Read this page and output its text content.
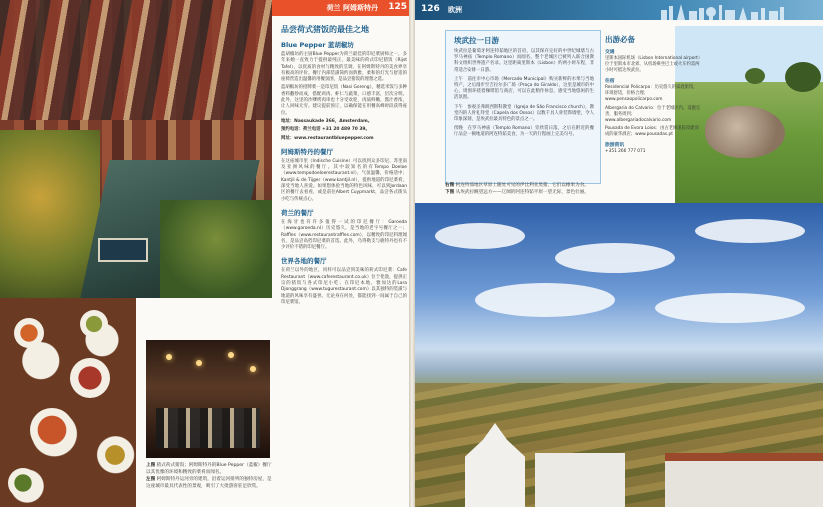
上图 猪式荷式猪饭；阿姆斯特丹的Blue Pepper（蓝椒）餐厅以其优雅的环境和精致的菜肴而闻名。
左图 阿姆斯特丹运河旁的建筑，沿着运河排列的独特房屋，是这座城市最具代表性的景观，吸引了大批游客驻足欣赏。
荷兰 阿姆斯特丹 125
品尝荷式猪饭的最佳之地
Blue Pepper 蓝胡椒坊

蓝胡椒坊的主厨Blue Pepper为荷兰最佳的印尼菜厨师之一，多年来她一直致力于提供最纯正、最美味的荷式印尼猪饭（Rijst Tafel），以优质的食材与精致的烹调，在阿姆斯特丹的美食界享有极高的评价。餐厅内部装潢简约而典雅，柔和的灯光与舒适的座椅营造出温馨的用餐氛围，是品尝猪饭的理想之选。

蓝胡椒坊的招牌菜一是印尼饭（Nasi Goreng），精选米饭与多种香料翻炒而成，搭配鸡肉、虾仁与蔬菜，口感丰富，层次分明。此外，这里的沙嗲烤肉串也十分受欢迎，肉质鲜嫩，酱汁香浓，让人回味无穷。建议提前预订，以确保能在用餐高峰时段获得座位。

地址：Nassaukade 366，Amsterdam。

预约电话：荷兰电话 +31 20 489 70 39。

网址：www.restaurantbluepepper.com

阿姆斯特丹的餐厅

在这座城市里（Indische Cuisine）可以找到众多印尼、苏里南及亚洲风味的餐厅。其中较知名的有Tempo Doeloe（www.tempodoeloerestaurant.nl），气氛温馨，价格适中；Kantjil & de Tijger（www.kantjil.nl），提供地道的印尼菜肴，深受当地人喜爱。如果想体验当地的特色风味，可以到Jordaan区的餐厅去看看，或是前往Albert Cuypmarkt，品尝各式街头小吃与传统点心。

荷兰的餐厅

在海牙也有许多值得一试的印尼餐厅：Garoeda（www.garoeda.nl）历史悠久，是当地的老字号餐厅之一；Raffles（www.restaurantraffles.com），以精致的印尼料理闻名，是品尝高档印尼菜的首选。此外，乌得勒支与鹿特丹也有不少评价不错的印尼餐厅。

世界各地的餐厅

在荷兰以外的地区，同样可以品尝到美味的荷式印尼菜：Cafe Restaurant（www.caferestaurant.co.uk）位于伦敦，提供正宗的猪饭与各式印尼小吃；在印尼本地，雅加达的Lara Djonggrang（www.tugurestaurant.com）以其独特的装潢与地道的风味享有盛誉。无论身在何处，都能找到一间属于自己的印尼菜馆。

126 欧洲
埃武拉一日游

埃武拉是葡萄牙阿连特茹地区的首府，以其保存完好的中世纪城墙与古罗马神庙（Templo Romano）而闻名，整个老城区已被列入联合国教科文组织世界遗产名录。这里距离里斯本（Lisbon）约两小时车程，非常适合安排一日游。

上午　前往市中心市场（Mercado Municipal）购买新鲜的水果与当地特产，之后漫步至吉拉尔多广场（Praça do Giraldo），这里是城市的中心，周围环绕着咖啡馆与商店，可以在此稍作休息，感受当地悠闲的生活氛围。

下午　参观圣弗朗西斯科教堂（Igreja de São Francisco church），教堂内的人骨礼拜堂（Capela dos Ossos）以数千具人骨装饰墙壁，令人印象深刻，是埃武拉最具特色的景点之一。

傍晚　在罗马神庙（Templo Romano）旁欣赏日落，之后在附近的餐厅品尝一顿地道的阿连特茹美食，为一天的行程画上完美句号。

出游必备
交通

里斯本国际机场（Lisbon International airport）位于里斯本市北郊，从机场乘坐巴士或火车约需两小时可抵达埃武拉。

住宿

Residencial Policarpo：历史悠久的家庭旅馆，环境舒适，价格合理；www.pensaopolicarpo.com

Albergaria do Calvario：位于老城区内，设施完善，服务周到；www.albergariadocalvario.com

Pousada de Evora Loios：由古老修道院改建而成的豪华酒店；www.pousadas.pt

旅游资讯

+351 266 777 071

右图 阿连特茹地区草原上随处可见的伊比利亚黑猪，它们以橡果为食。
下图 从埃武拉眺望远方——辽阔的阿连特茹平原一望无际，景色壮丽。
